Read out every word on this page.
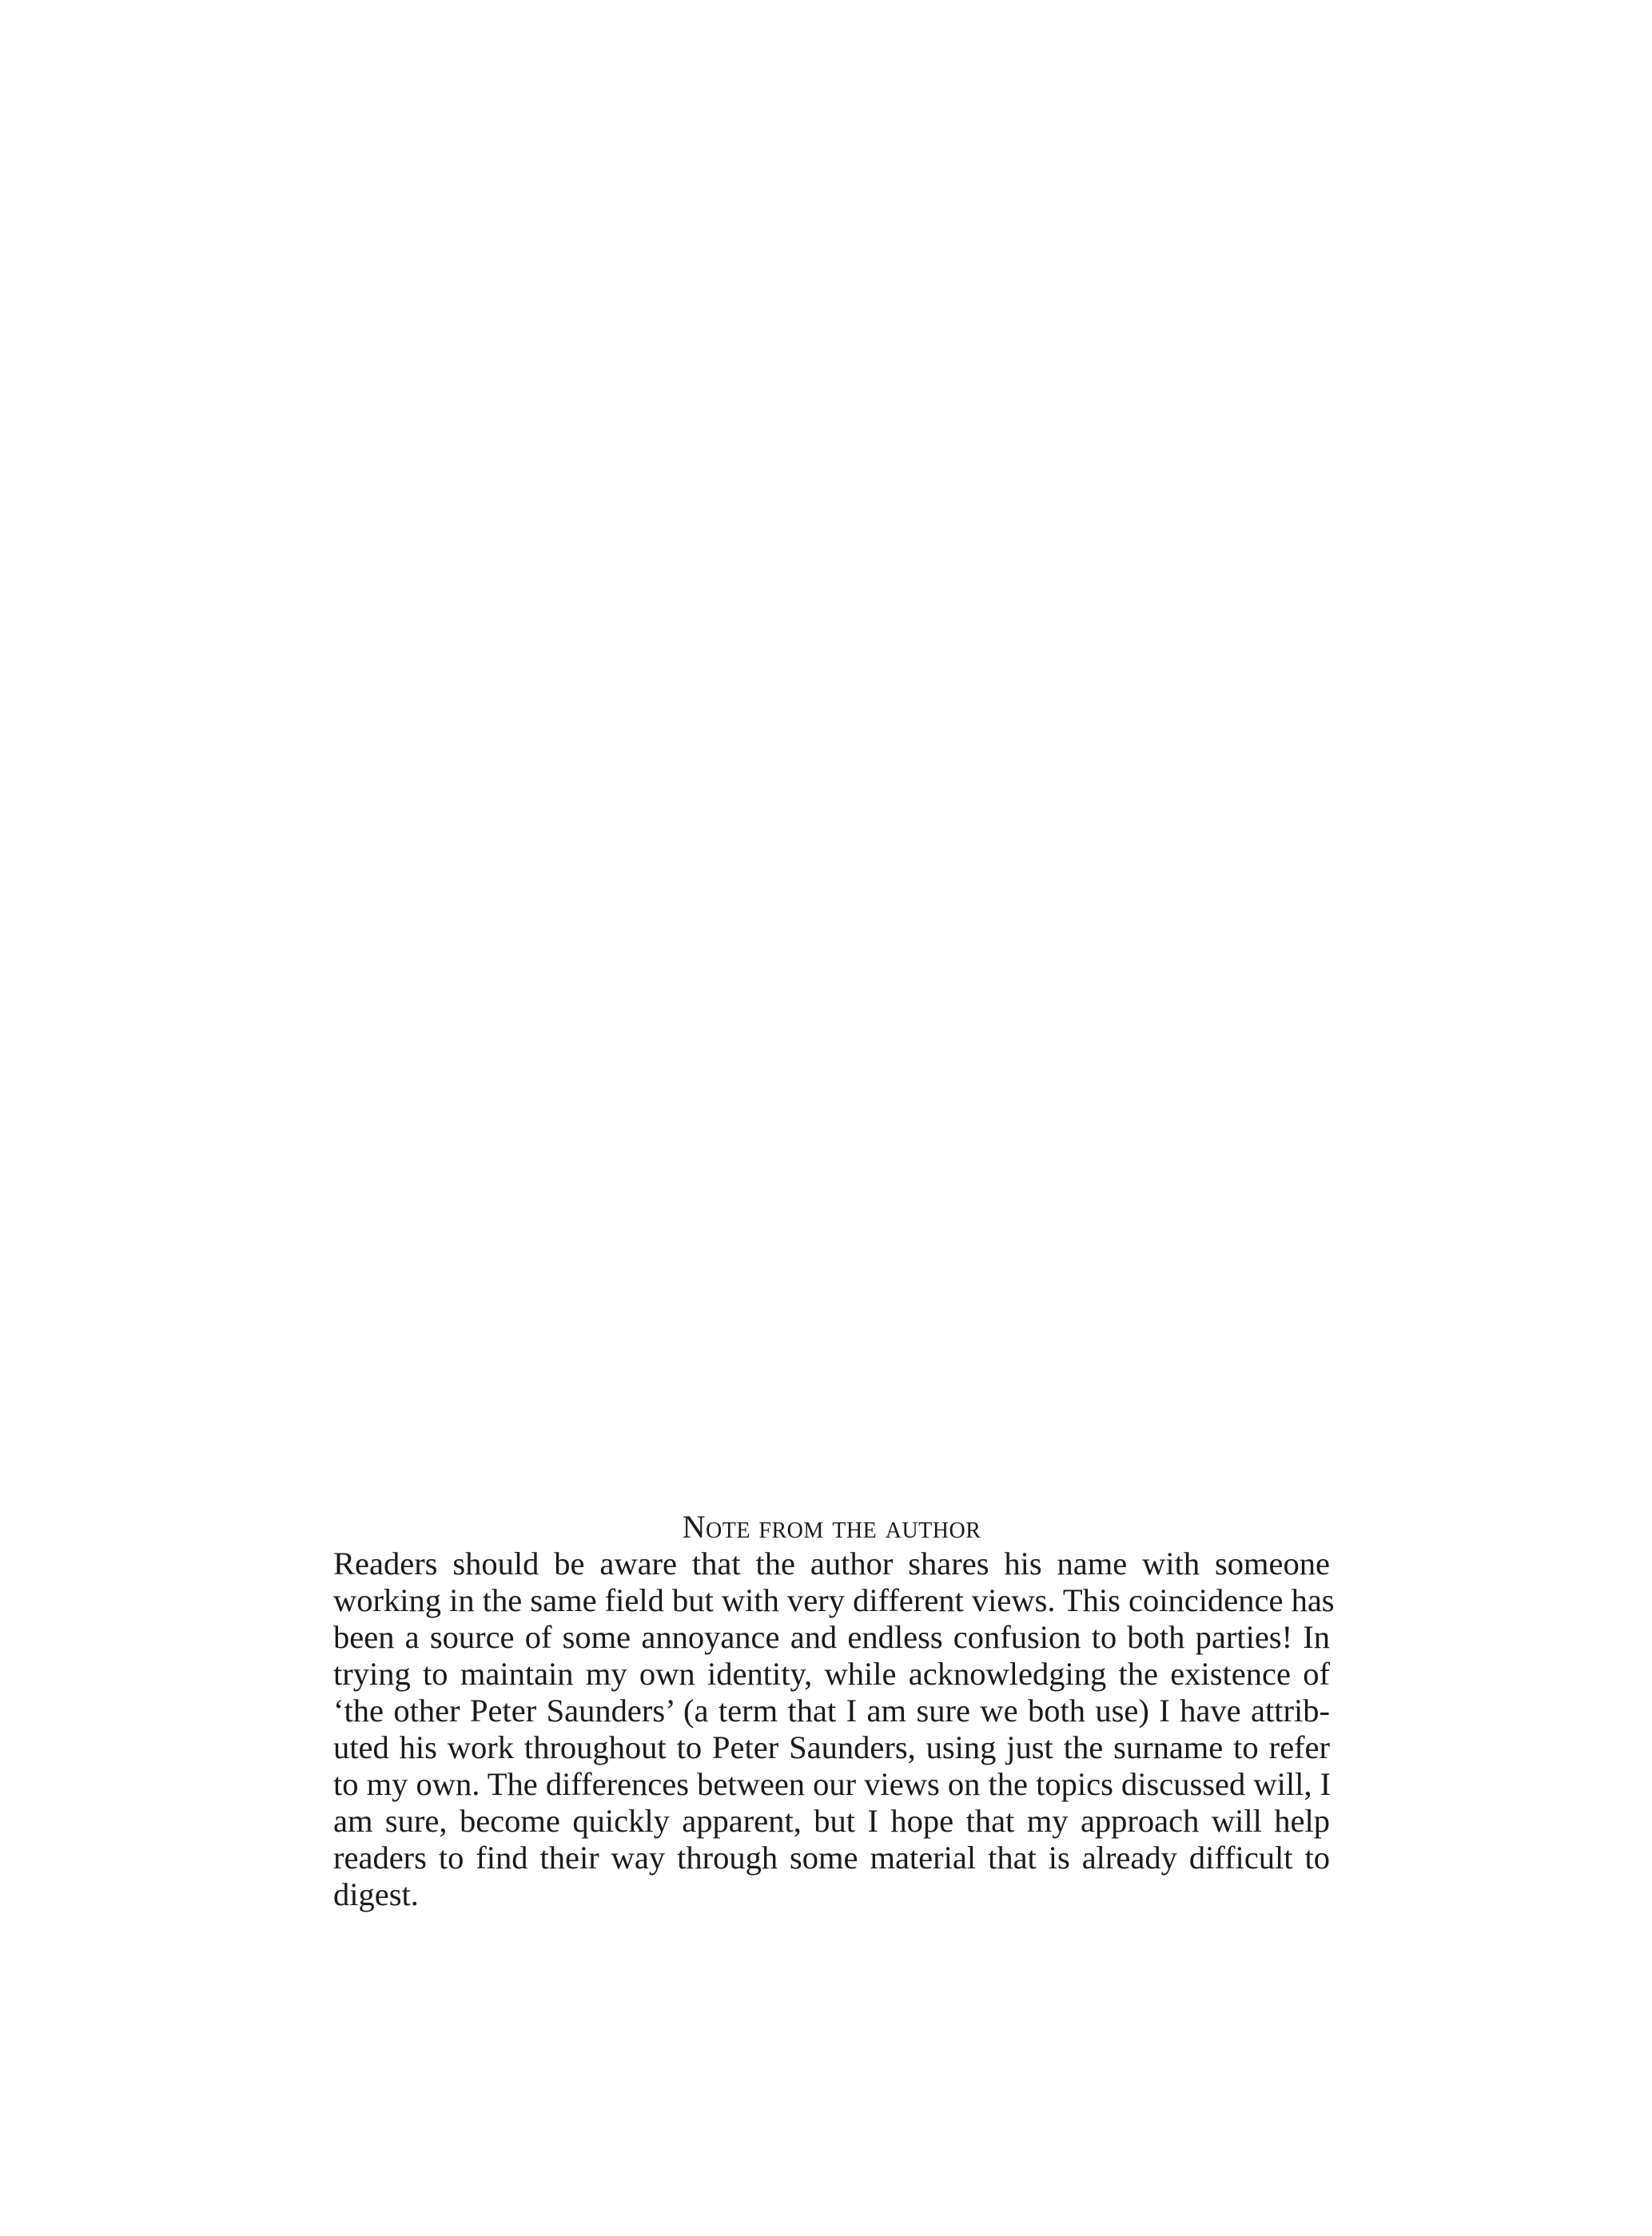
Note from the author

Readers should be aware that the author shares his name with someone
working in the same field but with very different views. This coincidence has
been a source of some annoyance and endless confusion to both parties! In
trying to maintain my own identity, while acknowledging the existence of
‘the other Peter Saunders’ (a term that I am sure we both use) I have attrib-
uted his work throughout to Peter Saunders, using just the surname to refer
to my own. The differences between our views on the topics discussed will, I
am sure, become quickly apparent, but I hope that my approach will help
readers to find their way through some material that is already difficult to
digest.
